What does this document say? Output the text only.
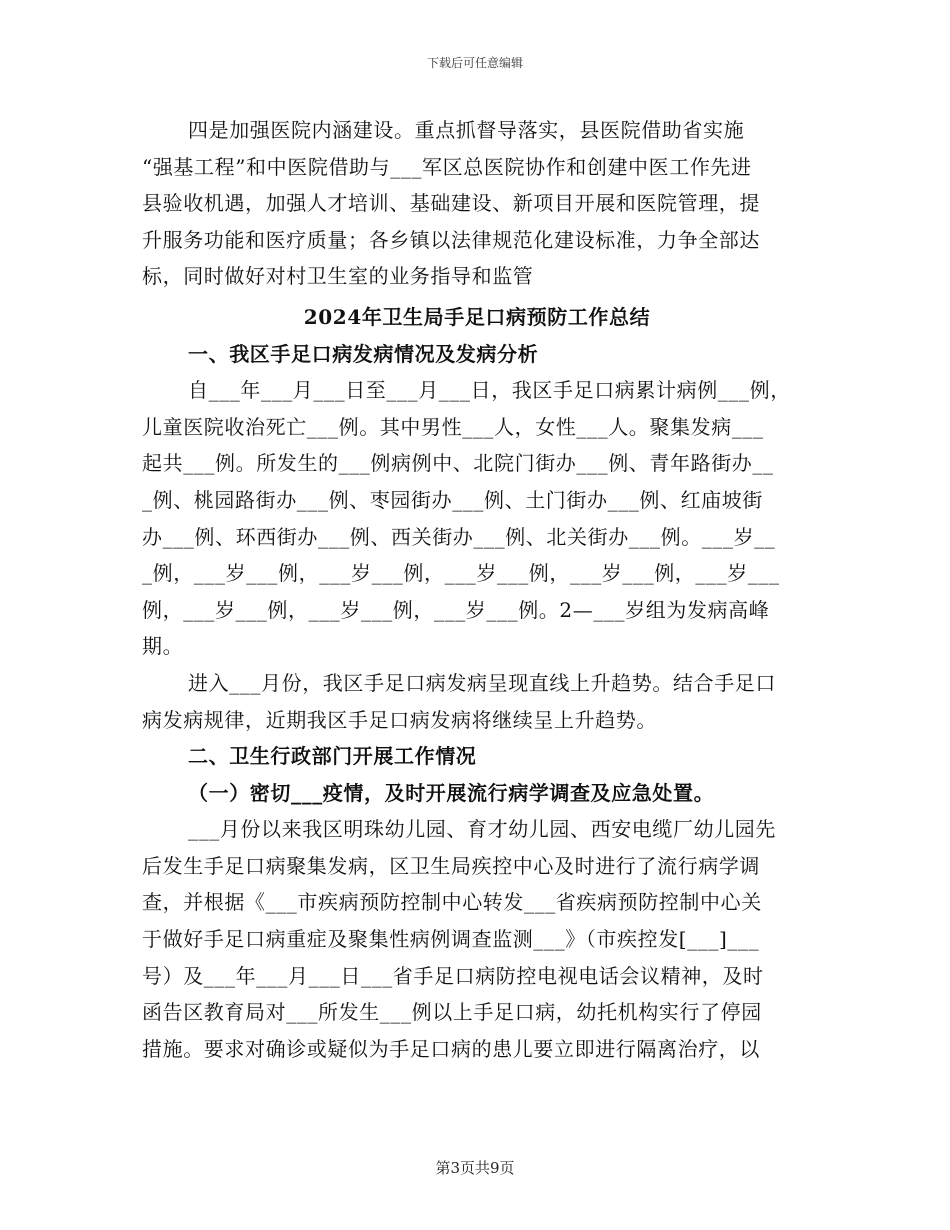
下载后可任意编辑

四是加强医院内涵建设。重点抓督导落实，县医院借助省实施

“强基工程”和中医院借助与___军区总医院协作和创建中医工作先进

县验收机遇，加强人才培训、基础建设、新项目开展和医院管理，提

升服务功能和医疗质量；各乡镇以法律规范化建设标准，力争全部达

标，同时做好对村卫生室的业务指导和监管

2024年卫生局手足口病预防工作总结

一、我区手足口病发病情况及发病分析

自___年___月___日至___月___日，我区手足口病累计病例___例，

儿童医院收治死亡___例。其中男性___人，女性___人。聚集发病___

起共___例。所发生的___例病例中、北院门街办___例、青年路街办__

_例、桃园路街办___例、枣园街办___例、土门街办___例、红庙坡街

办___例、环西街办___例、西关街办___例、北关街办___例。___岁__

_例，___岁___例，___岁___例，___岁___例，___岁___例，___岁___

例，___岁___例，___岁___例，___岁___例。2—___岁组为发病高峰

期。

进入___月份，我区手足口病发病呈现直线上升趋势。结合手足口

病发病规律，近期我区手足口病发病将继续呈上升趋势。

二、卫生行政部门开展工作情况

（一）密切___疫情，及时开展流行病学调查及应急处置。

___月份以来我区明珠幼儿园、育才幼儿园、西安电缆厂幼儿园先

后发生手足口病聚集发病，区卫生局疾控中心及时进行了流行病学调

查，并根据《___市疾病预防控制中心转发___省疾病预防控制中心关

于做好手足口病重症及聚集性病例调查监测___》（市疾控发[___]___

号）及___年___月___日___省手足口病防控电视电话会议精神，及时

函告区教育局对___所发生___例以上手足口病，幼托机构实行了停园

措施。要求对确诊或疑似为手足口病的患儿要立即进行隔离治疗，以

第3页共9页
